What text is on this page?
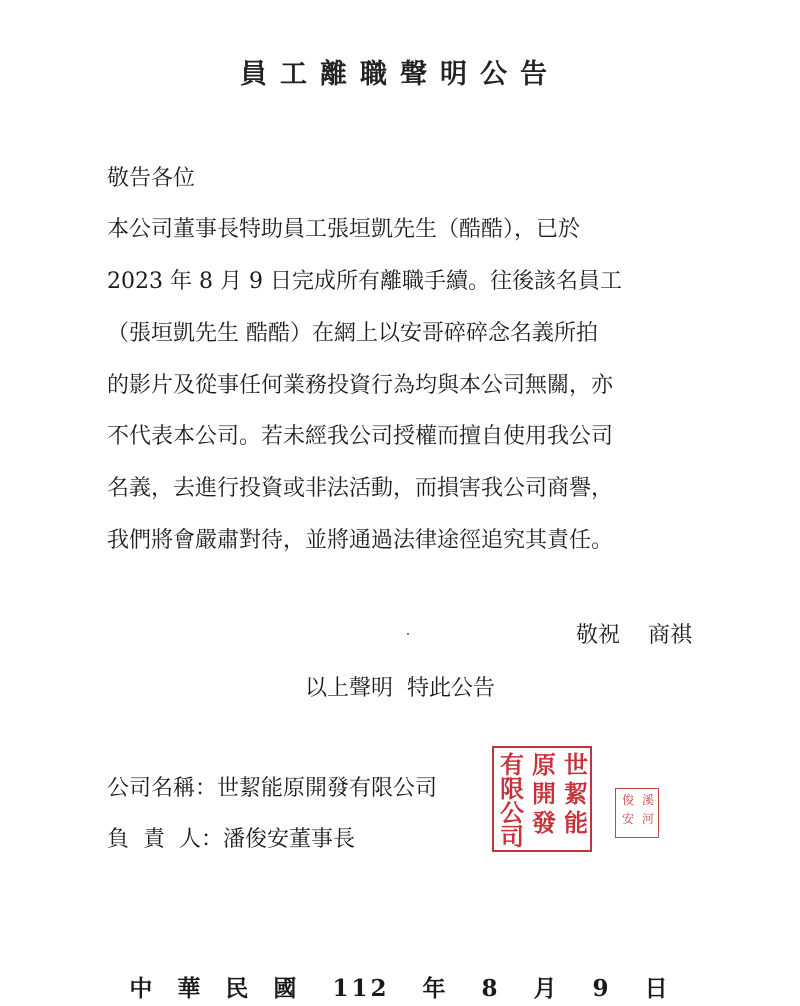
員工離職聲明公告
敬告各位
本公司董事長特助員工張垣凱先生（酷酷），已於
2023 年 8 月 9 日完成所有離職手續。往後該名員工
（張垣凱先生 酷酷）在網上以安哥碎碎念名義所拍
的影片及從事任何業務投資行為均與本公司無關，亦
不代表本公司。若未經我公司授權而擅自使用我公司
名義，去進行投資或非法活動，而損害我公司商譽，
我們將會嚴肅對待，並將通過法律途徑追究其責任。
敬祝    商祺
以上聲明  特此公告
公司名稱：世絜能原開發有限公司
負  責  人：潘俊安董事長
世
絜
能
原
開
發
有
限
公
司
溪
河
俊
安
中  華  民  國   112   年   8   月   9   日
